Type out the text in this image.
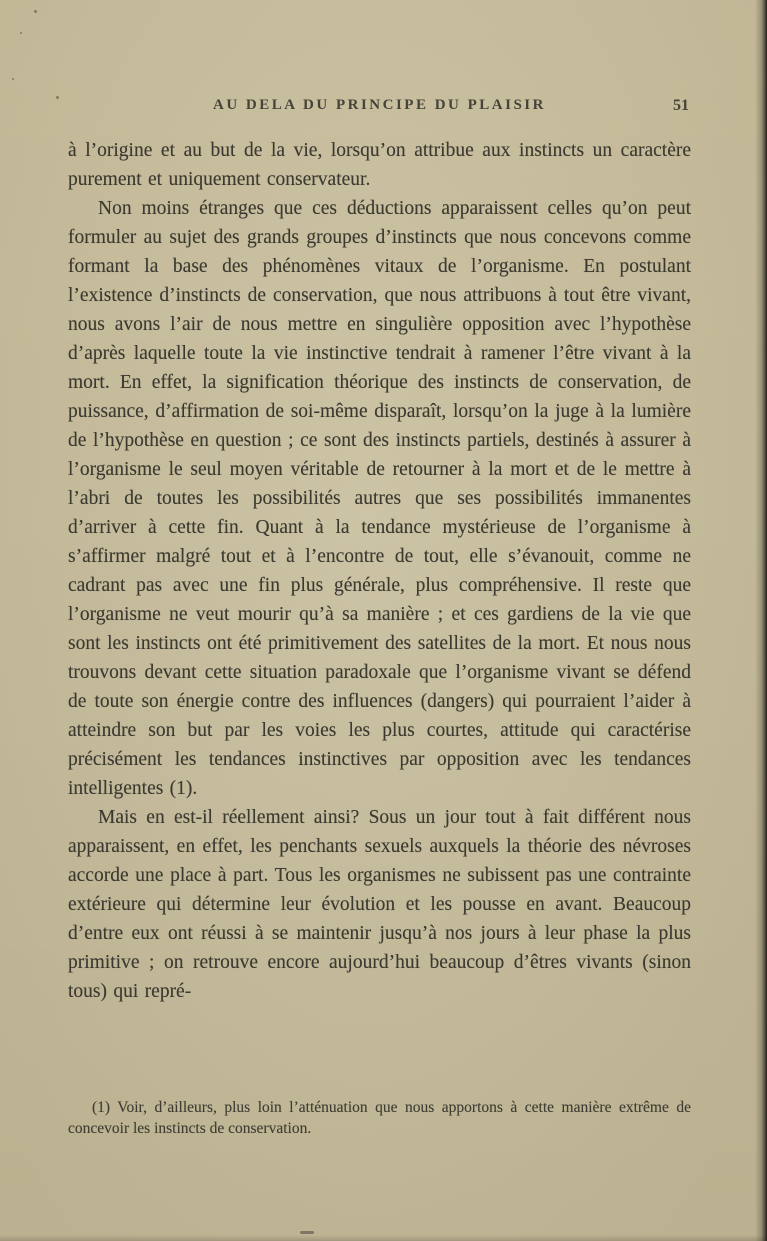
AU DELA DU PRINCIPE DU PLAISIR	51

à l’origine et au but de la vie, lorsqu’on attribue aux instincts un caractère purement et uniquement conservateur.

Non moins étranges que ces déductions apparaissent celles qu’on peut formuler au sujet des grands groupes d’instincts que nous concevons comme formant la base des phénomènes vitaux de l’organisme. En postulant l’existence d’instincts de conservation, que nous attribuons à tout être vivant, nous avons l’air de nous mettre en singulière opposition avec l’hypothèse d’après laquelle toute la vie instinctive tendrait à ramener l’être vivant à la mort. En effet, la signification théorique des instincts de conservation, de puissance, d’affirmation de soi-même disparaît, lorsqu’on la juge à la lumière de l’hypothèse en question ; ce sont des instincts partiels, destinés à assurer à l’organisme le seul moyen véritable de retourner à la mort et de le mettre à l’abri de toutes les possibilités autres que ses possibilités immanentes d’arriver à cette fin. Quant à la tendance mystérieuse de l’organisme à s’affirmer malgré tout et à l’encontre de tout, elle s’évanouit, comme ne cadrant pas avec une fin plus générale, plus compréhensive. Il reste que l’organisme ne veut mourir qu’à sa manière ; et ces gardiens de la vie que sont les instincts ont été primitivement des satellites de la mort. Et nous nous trouvons devant cette situation paradoxale que l’organisme vivant se défend de toute son énergie contre des influences (dangers) qui pourraient l’aider à atteindre son but par les voies les plus courtes, attitude qui caractérise précisément les tendances instinctives par opposition avec les tendances intelligentes (1).

Mais en est-il réellement ainsi? Sous un jour tout à fait différent nous apparaissent, en effet, les penchants sexuels auxquels la théorie des névroses accorde une place à part. Tous les organismes ne subissent pas une contrainte extérieure qui détermine leur évolution et les pousse en avant. Beaucoup d’entre eux ont réussi à se maintenir jusqu’à nos jours à leur phase la plus primitive ; on retrouve encore aujourd’hui beaucoup d’êtres vivants (sinon tous) qui repré-

(1) Voir, d’ailleurs, plus loin l’atténuation que nous apportons à cette manière extrême de concevoir les instincts de conservation.
